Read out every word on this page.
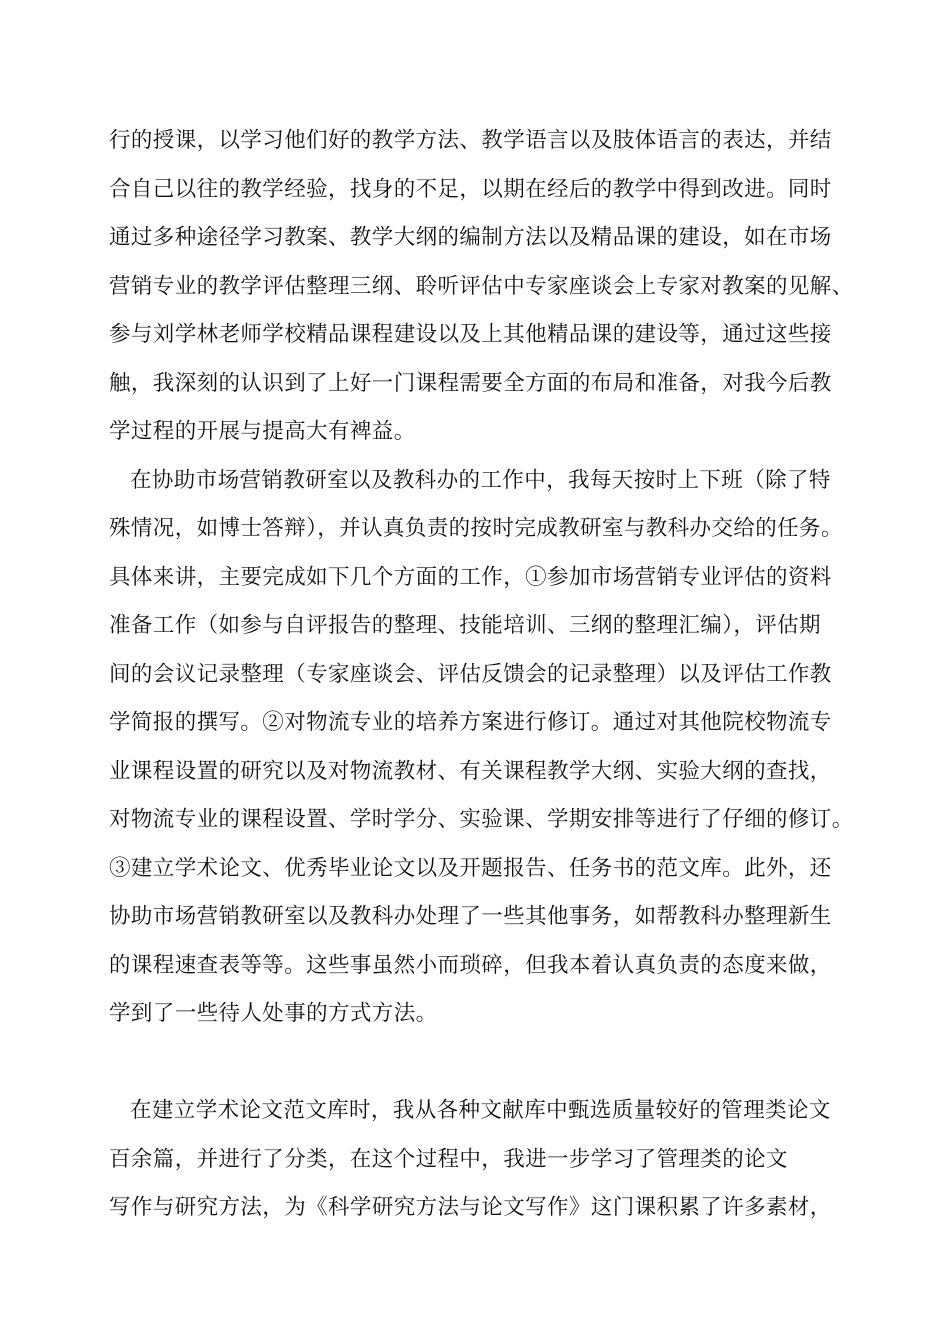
行的授课，以学习他们好的教学方法、教学语言以及肢体语言的表达，并结
合自己以往的教学经验，找身的不足，以期在经后的教学中得到改进。同时
通过多种途径学习教案、教学大纲的编制方法以及精品课的建设，如在市场
营销专业的教学评估整理三纲、聆听评估中专家座谈会上专家对教案的见解、
参与刘学林老师学校精品课程建设以及上其他精品课的建设等，通过这些接
触，我深刻的认识到了上好一门课程需要全方面的布局和准备，对我今后教
学过程的开展与提高大有裨益。
在协助市场营销教研室以及教科办的工作中，我每天按时上下班（除了特
殊情况，如博士答辩），并认真负责的按时完成教研室与教科办交给的任务。
具体来讲，主要完成如下几个方面的工作，①参加市场营销专业评估的资料
准备工作（如参与自评报告的整理、技能培训、三纲的整理汇编），评估期
间的会议记录整理（专家座谈会、评估反馈会的记录整理）以及评估工作教
学简报的撰写。②对物流专业的培养方案进行修订。通过对其他院校物流专
业课程设置的研究以及对物流教材、有关课程教学大纲、实验大纲的查找，
对物流专业的课程设置、学时学分、实验课、学期安排等进行了仔细的修订。
③建立学术论文、优秀毕业论文以及开题报告、任务书的范文库。此外，还
协助市场营销教研室以及教科办处理了一些其他事务，如帮教科办整理新生
的课程速查表等等。这些事虽然小而琐碎，但我本着认真负责的态度来做，
学到了一些待人处事的方式方法。
在建立学术论文范文库时，我从各种文献库中甄选质量较好的管理类论文
百余篇，并进行了分类，在这个过程中，我进一步学习了管理类的论文
写作与研究方法，为《科学研究方法与论文写作》这门课积累了许多素材，
